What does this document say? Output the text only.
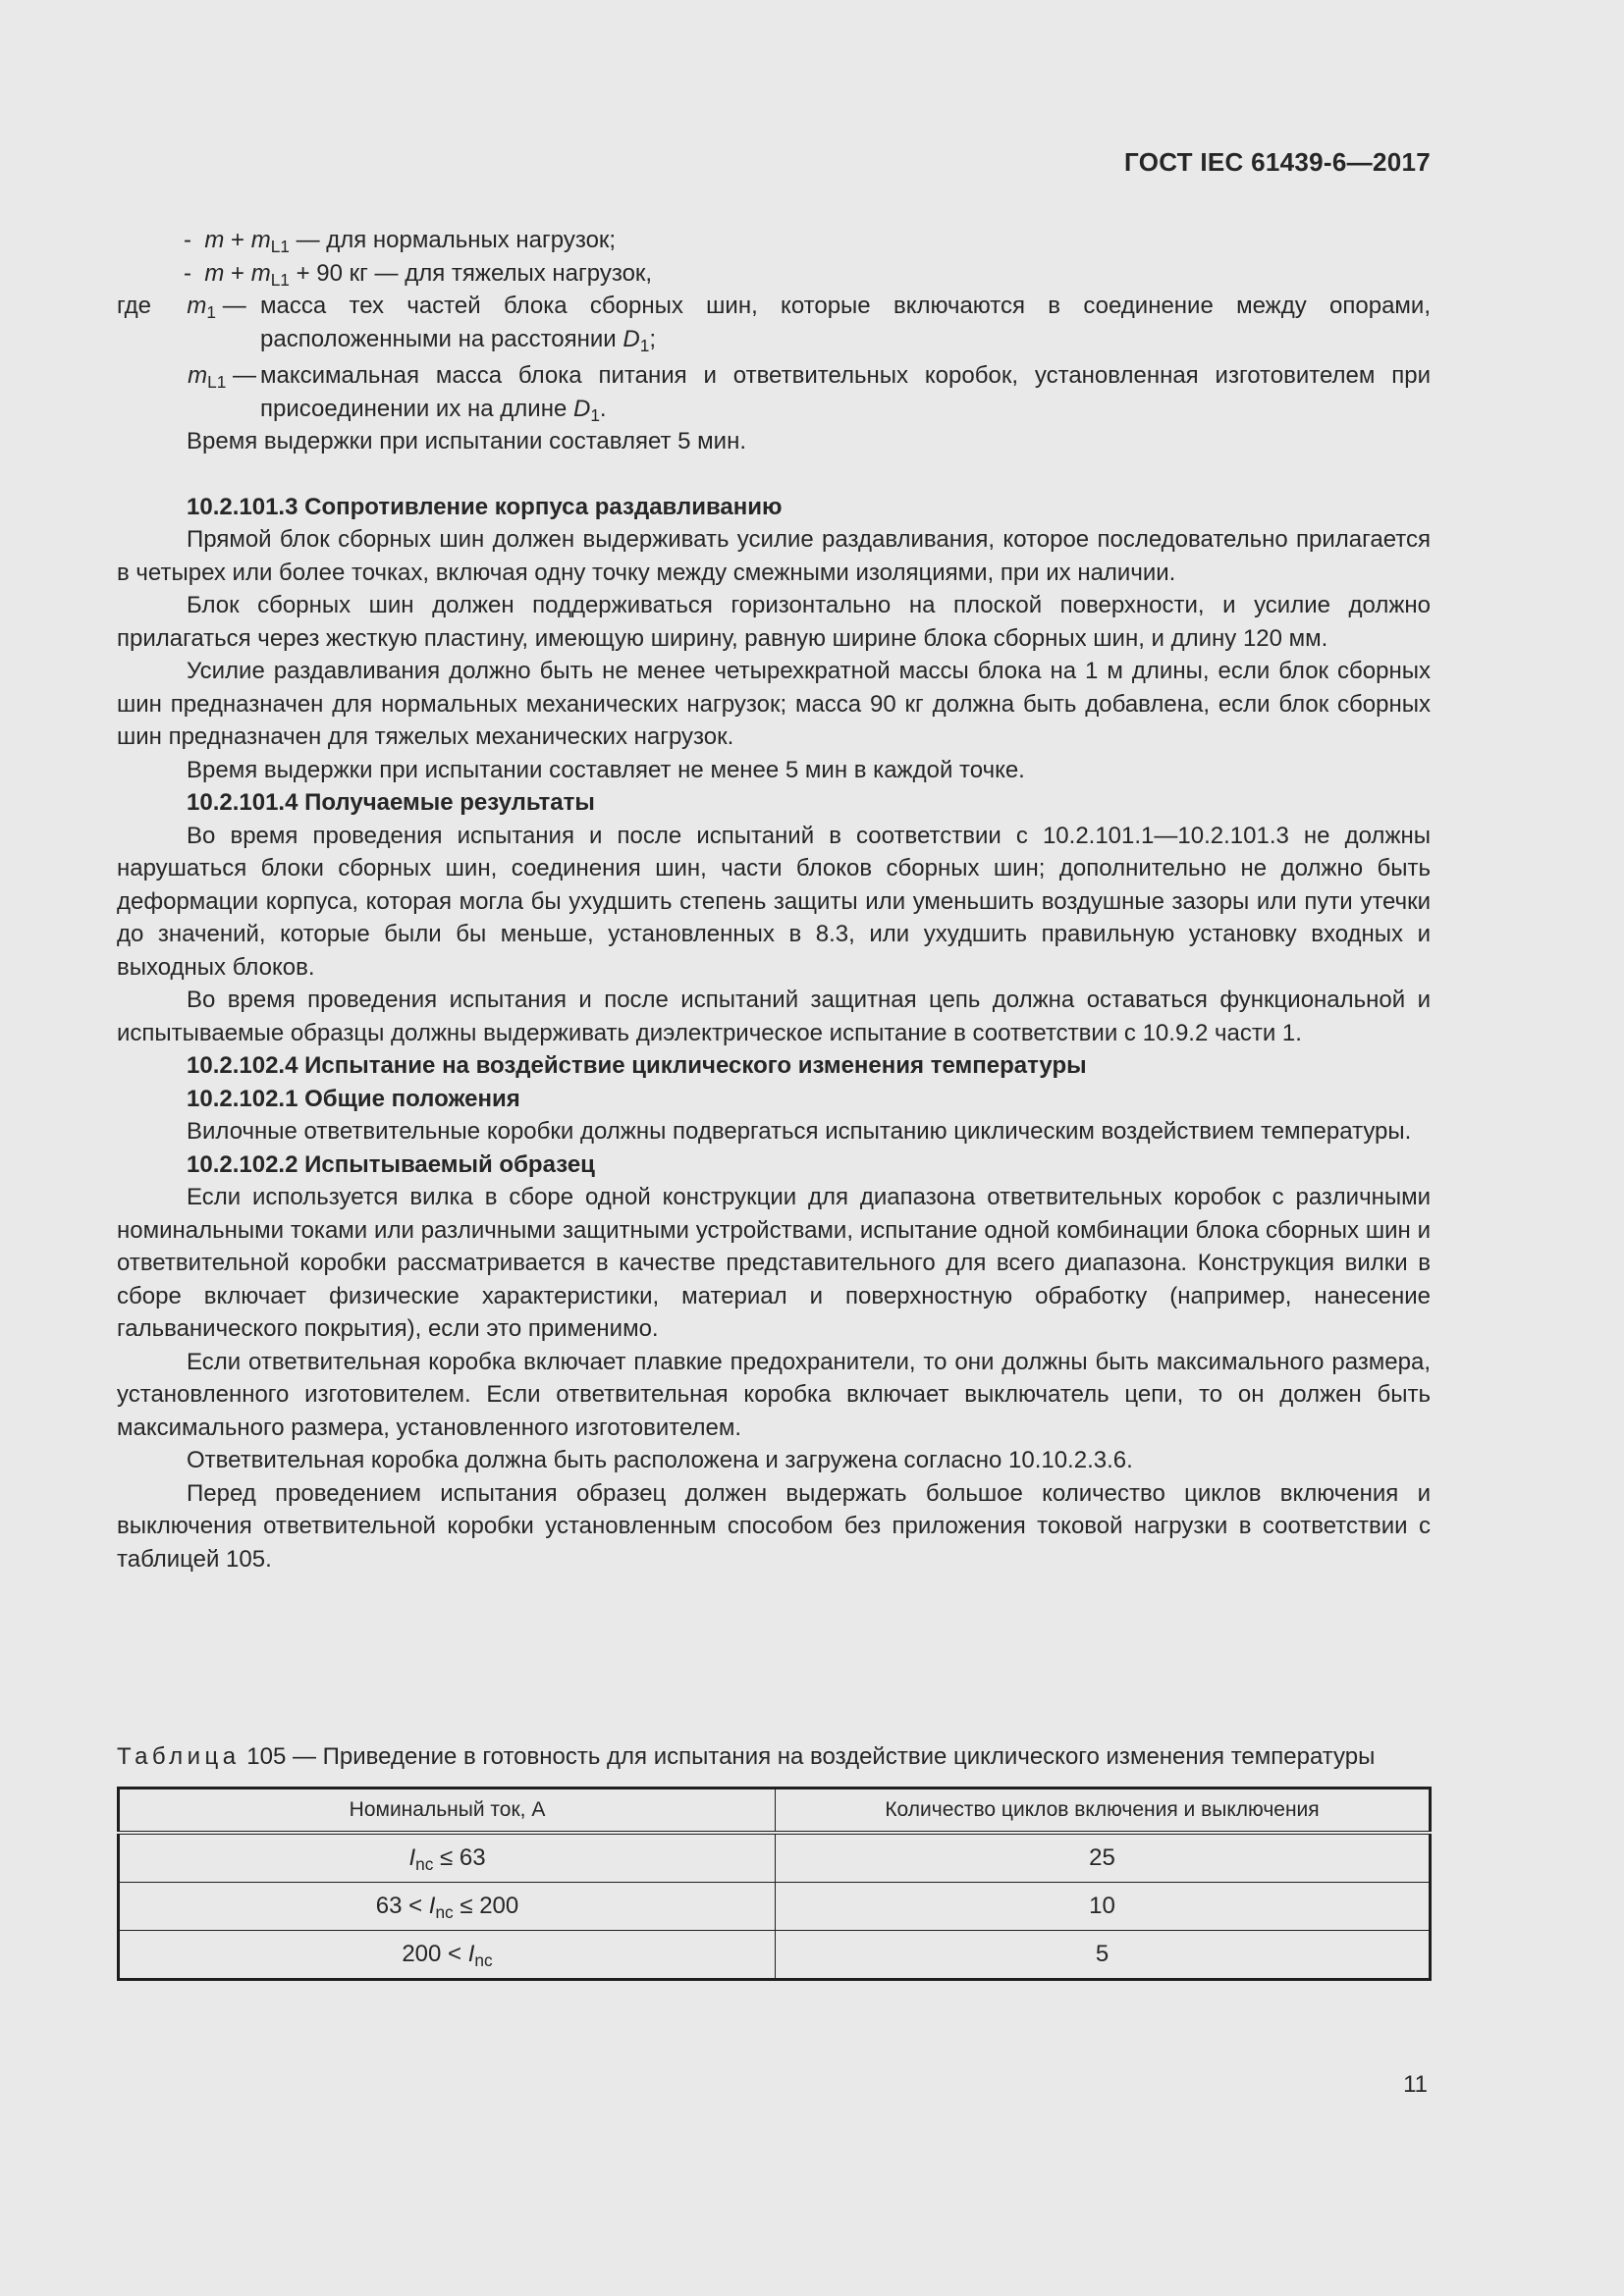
ГОСТ IEC 61439-6—2017
- $m + m_{L1}$ — для нормальных нагрузок;
- $m + m_{L1} + 90$ кг — для тяжелых нагрузок,
где $m_1$ — масса тех частей блока сборных шин, которые включаются в соединение между опорами, расположенными на расстоянии $D_1$;
$m_{L1}$ — максимальная масса блока питания и ответвительных коробок, установленная изготовителем при присоединении их на длине $D_1$.

Время выдержки при испытании составляет 5 мин.

10.2.101.3 Сопротивление корпуса раздавливанию

Прямой блок сборных шин должен выдерживать усилие раздавливания, которое последовательно прилагается в четырех или более точках, включая одну точку между смежными изоляциями, при их наличии.

Блок сборных шин должен поддерживаться горизонтально на плоской поверхности, и усилие должно прилагаться через жесткую пластину, имеющую ширину, равную ширине блока сборных шин, и длину 120 мм.

Усилие раздавливания должно быть не менее четырехкратной массы блока на 1 м длины, если блок сборных шин предназначен для нормальных механических нагрузок; масса 90 кг должна быть добавлена, если блок сборных шин предназначен для тяжелых механических нагрузок.

Время выдержки при испытании составляет не менее 5 мин в каждой точке.

10.2.101.4 Получаемые результаты

Во время проведения испытания и после испытаний в соответствии с 10.2.101.1—10.2.101.3 не должны нарушаться блоки сборных шин, соединения шин, части блоков сборных шин; дополнительно не должно быть деформации корпуса, которая могла бы ухудшить степень защиты или уменьшить воздушные зазоры или пути утечки до значений, которые были бы меньше, установленных в 8.3, или ухудшить правильную установку входных и выходных блоков.

Во время проведения испытания и после испытаний защитная цепь должна оставаться функциональной и испытываемые образцы должны выдерживать диэлектрическое испытание в соответствии с 10.9.2 части 1.

10.2.102.4 Испытание на воздействие циклического изменения температуры

10.2.102.1 Общие положения

Вилочные ответвительные коробки должны подвергаться испытанию циклическим воздействием температуры.

10.2.102.2 Испытываемый образец

Если используется вилка в сборе одной конструкции для диапазона ответвительных коробок с различными номинальными токами или различными защитными устройствами, испытание одной комбинации блока сборных шин и ответвительной коробки рассматривается в качестве представительного для всего диапазона. Конструкция вилки в сборе включает физические характеристики, материал и поверхностную обработку (например, нанесение гальванического покрытия), если это применимо.

Если ответвительная коробка включает плавкие предохранители, то они должны быть максимального размера, установленного изготовителем. Если ответвительная коробка включает выключатель цепи, то он должен быть максимального размера, установленного изготовителем.

Ответвительная коробка должна быть расположена и загружена согласно 10.10.2.3.6.

Перед проведением испытания образец должен выдержать большое количество циклов включения и выключения ответвительной коробки установленным способом без приложения токовой нагрузки в соответствии с таблицей 105.

Таблица 105 — Приведение в готовность для испытания на воздействие циклического изменения температуры
Номинальный ток, А	Количество циклов включения и выключения
$I_{nc} \le 63$	25
$63 < I_{nc} \le 200$	10
$200 < I_{nc}$	5
11
